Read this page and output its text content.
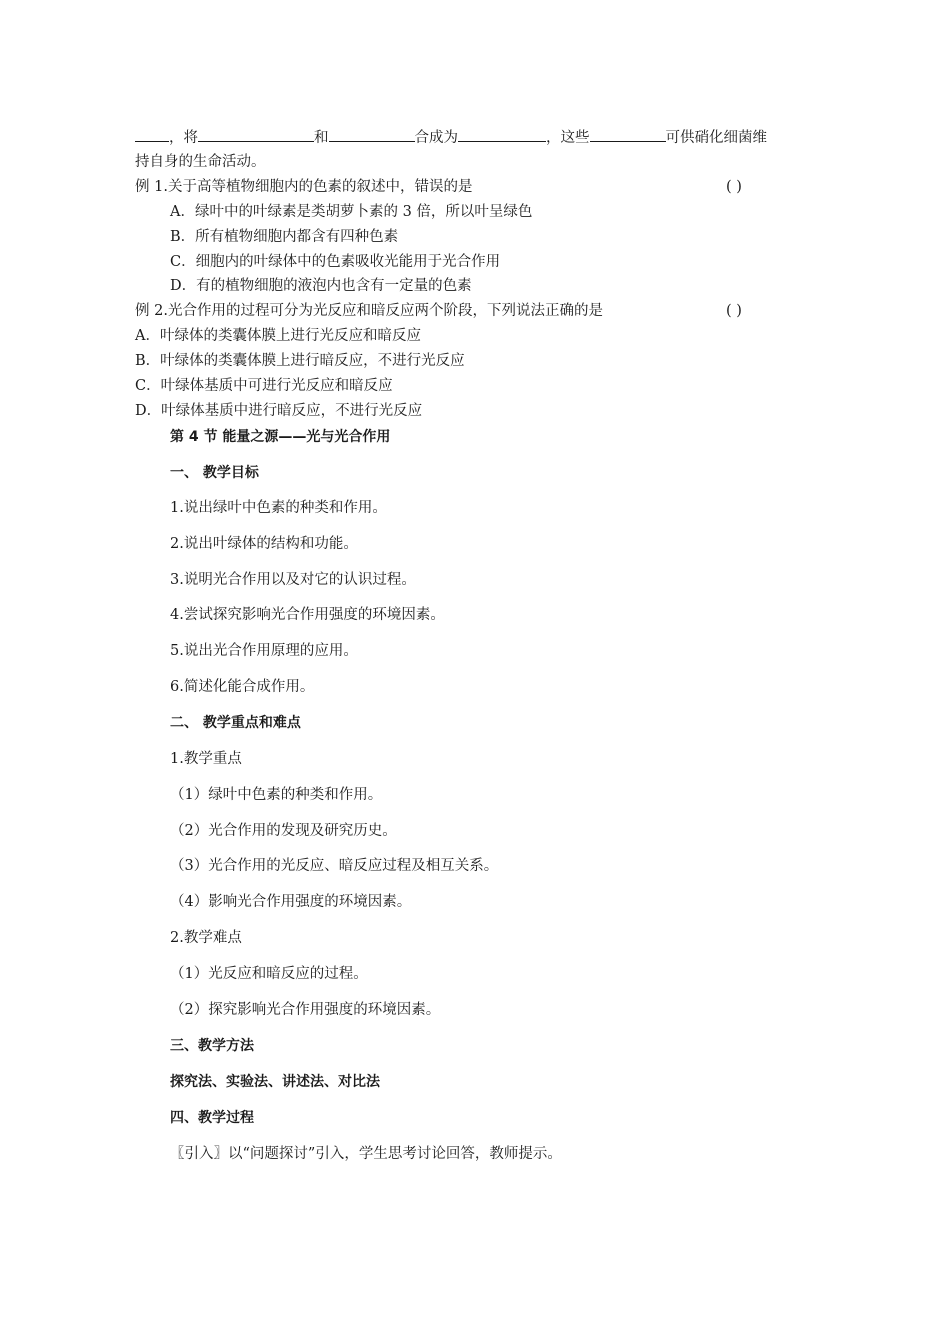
，将	和	合成为	，这些	可供硝化细菌维
持自身的生命活动。
例 1.关于高等植物细胞内的色素的叙述中，错误的是	( )
A．绿叶中的叶绿素是类胡萝卜素的 3 倍，所以叶呈绿色
B．所有植物细胞内都含有四种色素
C．细胞内的叶绿体中的色素吸收光能用于光合作用
D．有的植物细胞的液泡内也含有一定量的色素
例 2.光合作用的过程可分为光反应和暗反应两个阶段，下列说法正确的是	( )
A．叶绿体的类囊体膜上进行光反应和暗反应
B．叶绿体的类囊体膜上进行暗反应，不进行光反应
C．叶绿体基质中可进行光反应和暗反应
D．叶绿体基质中进行暗反应，不进行光反应
第 4 节 能量之源——光与光合作用
一、 教学目标
1.说出绿叶中色素的种类和作用。
2.说出叶绿体的结构和功能。
3.说明光合作用以及对它的认识过程。
4.尝试探究影响光合作用强度的环境因素。
5.说出光合作用原理的应用。
6.简述化能合成作用。
二、 教学重点和难点
1.教学重点
（1）绿叶中色素的种类和作用。
（2）光合作用的发现及研究历史。
（3）光合作用的光反应、暗反应过程及相互关系。
（4）影响光合作用强度的环境因素。
2.教学难点
（1）光反应和暗反应的过程。
（2）探究影响光合作用强度的环境因素。
三、教学方法
探究法、实验法、讲述法、对比法
四、教学过程
〖引入〗以“问题探讨”引入，学生思考讨论回答，教师提示。
